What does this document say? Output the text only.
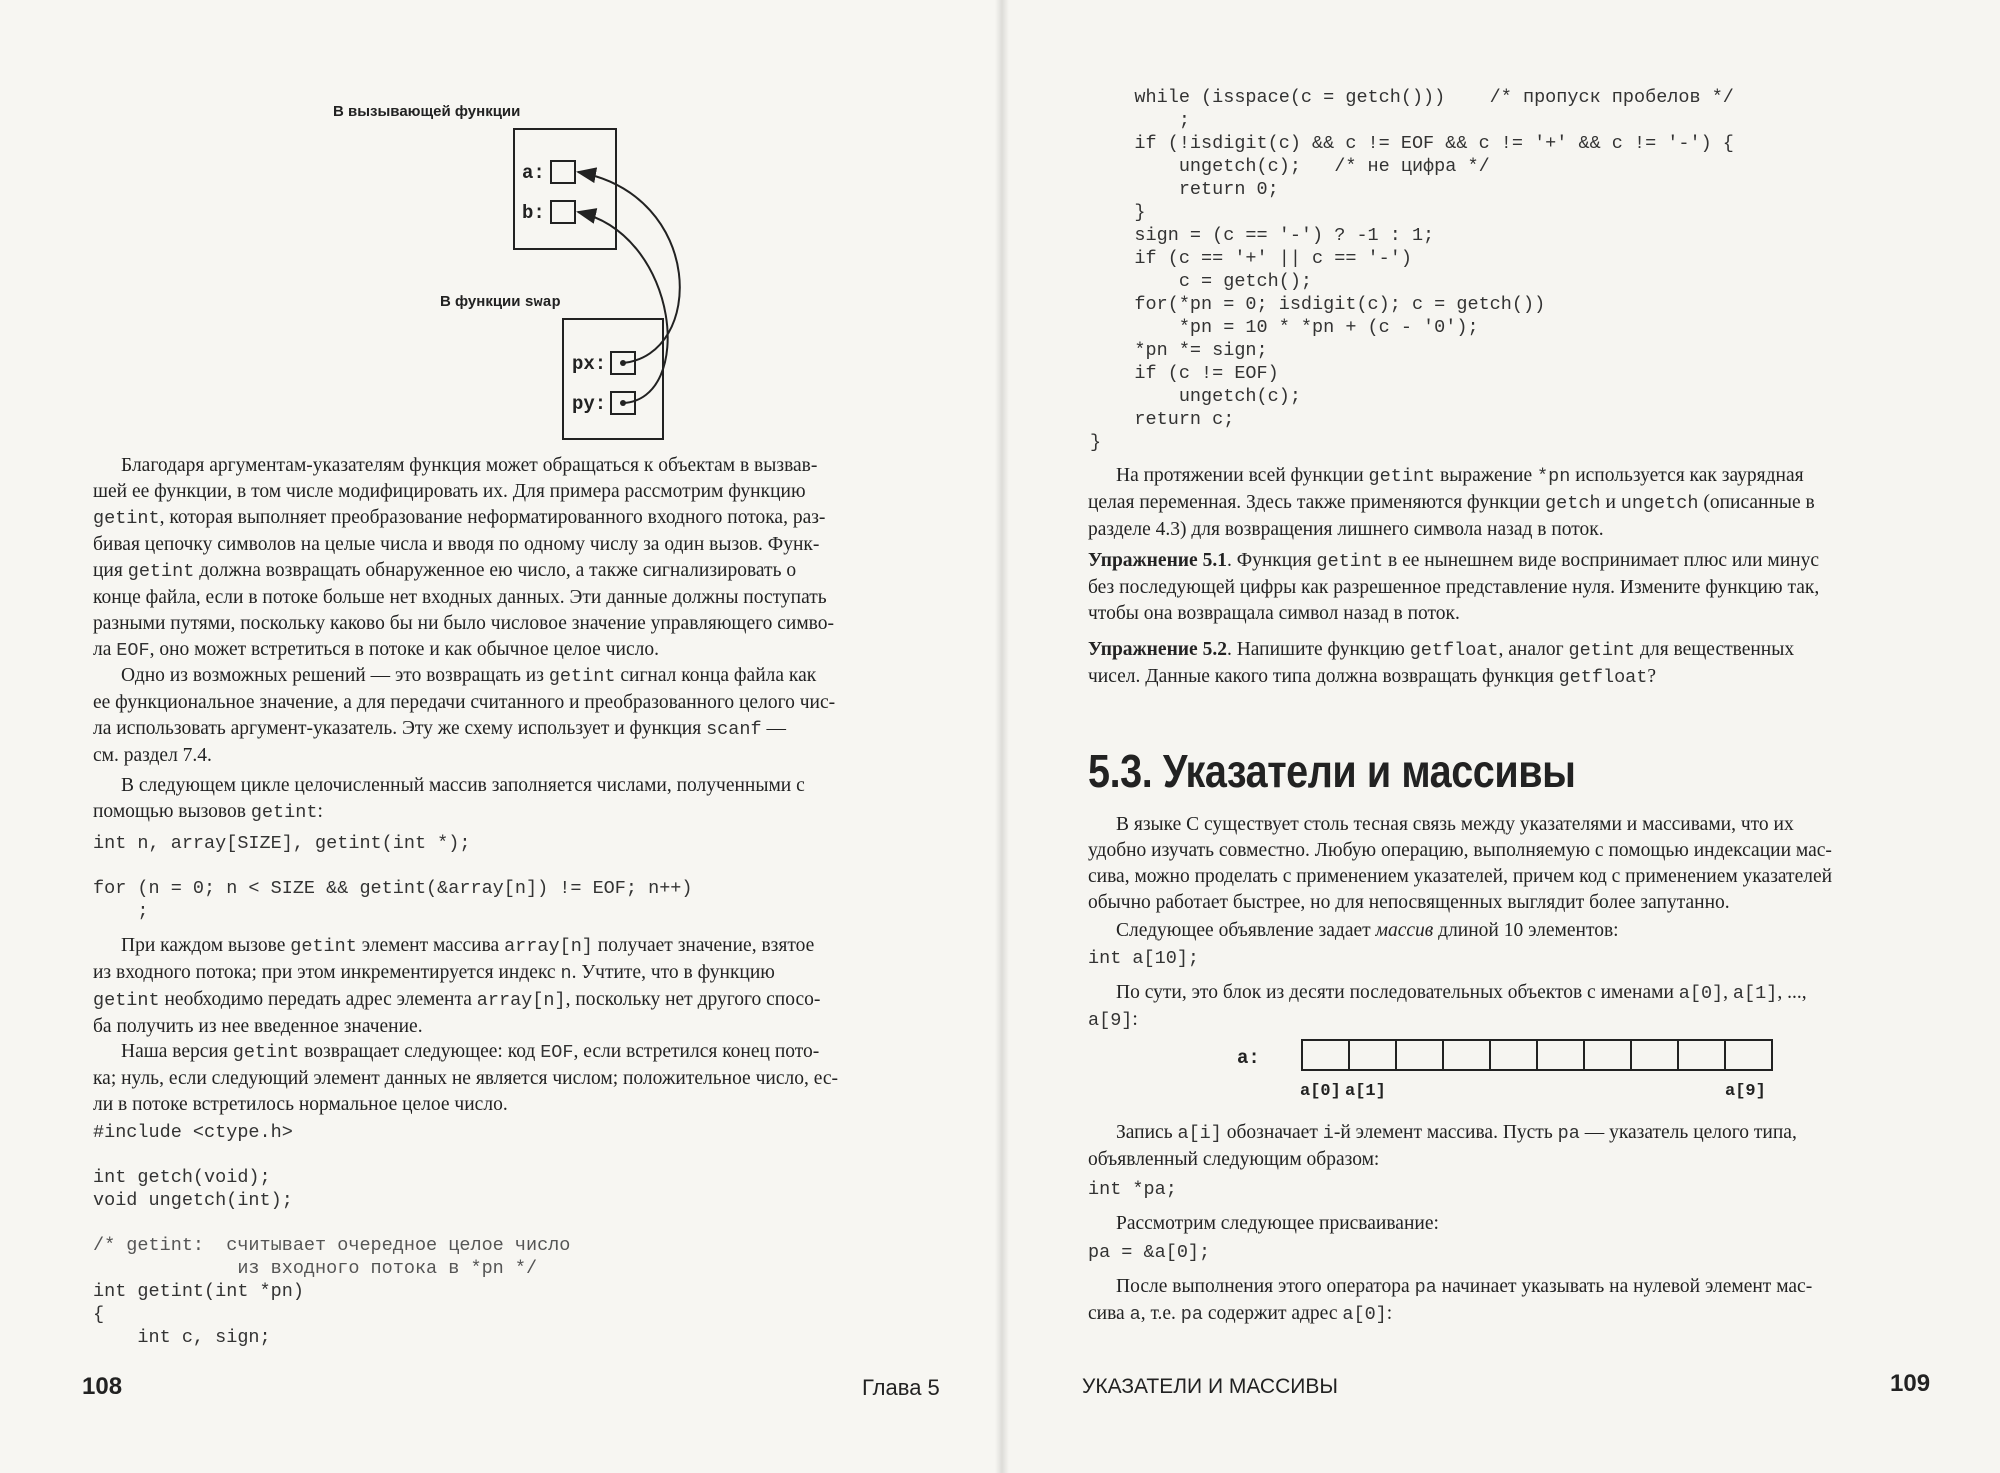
В вызывающей функции
a:
b:
В функции swap
px:
py:
Благодаря аргументам-указателям функция может обращаться к объектам в вызвав-
шей ее функции, в том числе модифицировать их. Для примера рассмотрим функцию
getint, которая выполняет преобразование неформатированного входного потока, раз-
бивая цепочку символов на целые числа и вводя по одному числу за один вызов. Функ-
ция getint должна возвращать обнаруженное ею число, а также сигнализировать о
конце файла, если в потоке больше нет входных данных. Эти данные должны поступать
разными путями, поскольку каково бы ни было числовое значение управляющего симво-
ла EOF, оно может встретиться в потоке и как обычное целое число.
Одно из возможных решений — это возвращать из getint сигнал конца файла как
ее функциональное значение, а для передачи считанного и преобразованного целого чис-
ла использовать аргумент-указатель. Эту же схему использует и функция scanf —
см. раздел 7.4.
В следующем цикле целочисленный массив заполняется числами, полученными с
помощью вызовов getint:
int n, array[SIZE], getint(int *);
for (n = 0; n < SIZE && getint(&array[n]) != EOF; n++)
;
При каждом вызове getint элемент массива array[n] получает значение, взятое
из входного потока; при этом инкрементируется индекс n. Учтите, что в функцию
getint необходимо передать адрес элемента array[n], поскольку нет другого спосо-
ба получить из нее введенное значение.
Наша версия getint возвращает следующее: код EOF, если встретился конец пото-
ка; нуль, если следующий элемент данных не является числом; положительное число, ес-
ли в потоке встретилось нормальное целое число.
#include <ctype.h>
int getch(void);
void ungetch(int);
/* getint:  считывает очередное целое число
из входного потока в *pn */
int getint(int *pn)
{
int c, sign;
108	Глава 5
while (isspace(c = getch()))    /* пропуск пробелов */
;
if (!isdigit(c) && c != EOF && c != '+' && c != '-') {
ungetch(c);   /* не цифра */
return 0;
}
sign = (c == '-') ? -1 : 1;
if (c == '+' || c == '-')
c = getch();
for(*pn = 0; isdigit(c); c = getch())
*pn = 10 * *pn + (c - '0');
*pn *= sign;
if (c != EOF)
ungetch(c);
return c;
}
На протяжении всей функции getint выражение *pn используется как заурядная
целая переменная. Здесь также применяются функции getch и ungetch (описанные в
разделе 4.3) для возвращения лишнего символа назад в поток.
Упражнение 5.1. Функция getint в ее нынешнем виде воспринимает плюс или минус
без последующей цифры как разрешенное представление нуля. Измените функцию так,
чтобы она возвращала символ назад в поток.
Упражнение 5.2. Напишите функцию getfloat, аналог getint для вещественных
чисел. Данные какого типа должна возвращать функция getfloat?
5.3. Указатели и массивы
В языке C существует столь тесная связь между указателями и массивами, что их
удобно изучать совместно. Любую операцию, выполняемую с помощью индексации мас-
сива, можно проделать с применением указателей, причем код с применением указателей
обычно работает быстрее, но для непосвященных выглядит более запутанно.
Следующее объявление задает массив длиной 10 элементов:
int a[10];
По сути, это блок из десяти последовательных объектов с именами a[0], a[1], ...,
a[9]:
a:
a[0] a[1]	a[9]
Запись a[i] обозначает i-й элемент массива. Пусть pa — указатель целого типа,
объявленный следующим образом:
int *pa;
Рассмотрим следующее присваивание:
pa = &a[0];
После выполнения этого оператора pa начинает указывать на нулевой элемент мас-
сива a, т.е. pa содержит адрес a[0]:
УКАЗАТЕЛИ И МАССИВЫ	109
